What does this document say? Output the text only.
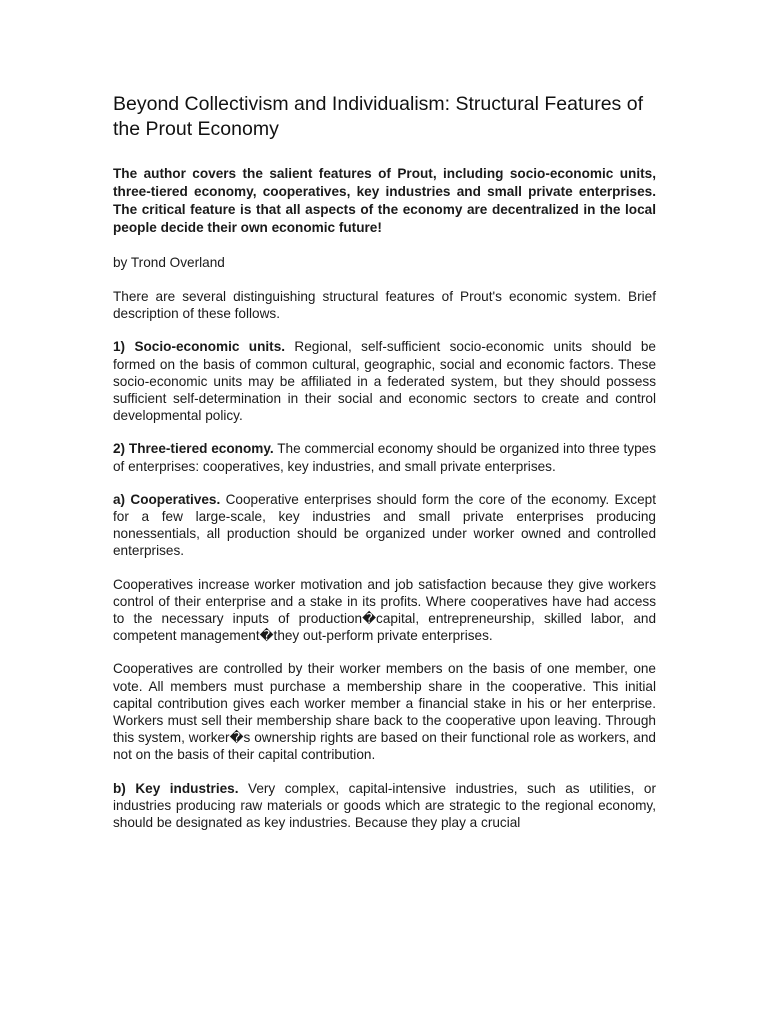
Beyond Collectivism and Individualism: Structural Features of the Prout Economy

The author covers the salient features of Prout, including socio-economic units, three-tiered economy, cooperatives, key industries and small private enterprises. The critical feature is that all aspects of the economy are decentralized in the local people decide their own economic future!

by Trond Overland

There are several distinguishing structural features of Prout's economic system. Brief description of these follows.

1) Socio-economic units. Regional, self-sufficient socio-economic units should be formed on the basis of common cultural, geographic, social and economic factors. These socio-economic units may be affiliated in a federated system, but they should possess sufficient self-determination in their social and economic sectors to create and control developmental policy.

2) Three-tiered economy. The commercial economy should be organized into three types of enterprises: cooperatives, key industries, and small private enterprises.

a) Cooperatives. Cooperative enterprises should form the core of the economy. Except for a few large-scale, key industries and small private enterprises producing nonessentials, all production should be organized under worker owned and controlled enterprises.

Cooperatives increase worker motivation and job satisfaction because they give workers control of their enterprise and a stake in its profits. Where cooperatives have had access to the necessary inputs of production�capital, entrepreneurship, skilled labor, and competent management�they out-perform private enterprises.

Cooperatives are controlled by their worker members on the basis of one member, one vote. All members must purchase a membership share in the cooperative. This initial capital contribution gives each worker member a financial stake in his or her enterprise. Workers must sell their membership share back to the cooperative upon leaving. Through this system, worker�s ownership rights are based on their functional role as workers, and not on the basis of their capital contribution.

b) Key industries. Very complex, capital-intensive industries, such as utilities, or industries producing raw materials or goods which are strategic to the regional economy, should be designated as key industries. Because they play a crucial
